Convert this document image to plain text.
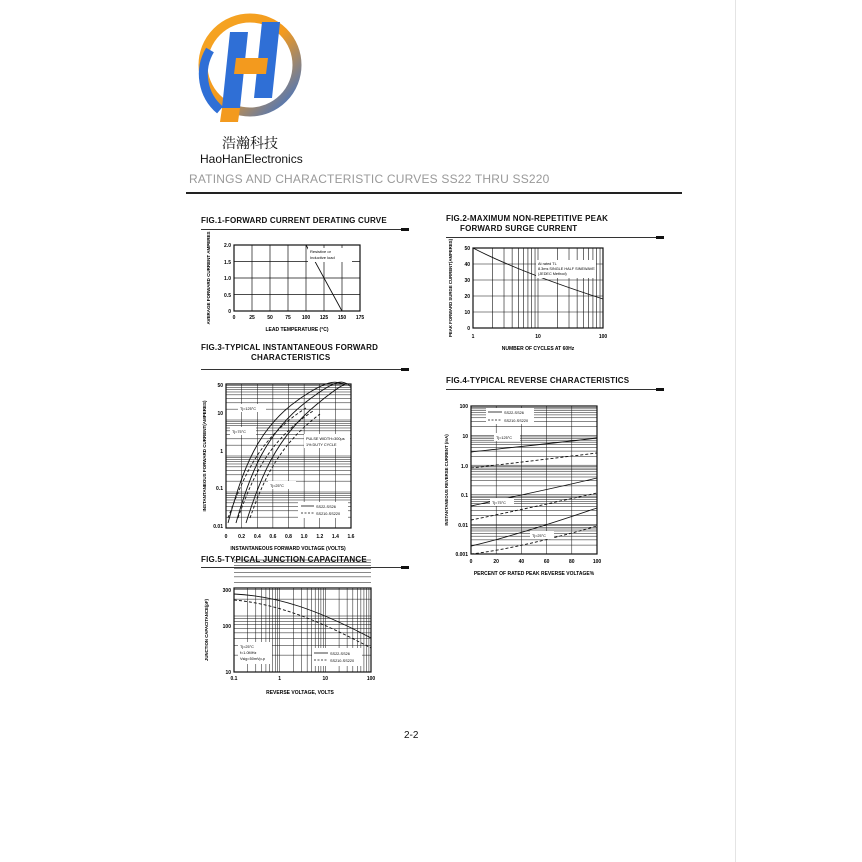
H
浩瀚科技
HaoHanElectronics
RATINGS AND CHARACTERISTIC CURVES SS22 THRU SS220
FIG.1-FORWARD CURRENT DERATING CURVE
Resistive or
Inductive load
2.0
1.5
1.0
0.5
0
0	25 50 75 100 125 150 175
LEAD TEMPERATURE (°C)
AVERAGE FORWARD CURRENT AMPERES
FIG.2-MAXIMUM NON-REPETITIVE PEAK
FORWARD SURGE CURRENT
At rated TL
8.3ms SINGLE HALF SINEWAVE
(JEDEC Method)
50
40
30
20
10
0
1	10	100
NUMBER OF CYCLES AT 60Hz
PEAK FORWARD SURGE CURRENT(AMPERES)
FIG.3-TYPICAL INSTANTANEOUS FORWARD
CHARACTERISTICS
Tj=125°C
Tj=75°C
Tj=25°C
PULSE WIDTH=300μs
1% DUTY CYCLE
SS22-SS26
SS210-SS220
50
10
1
0.1
0.01
0 0.2 0.4 0.6 0.8 1.0 1.2 1.4 1.6
INSTANTANEOUS FORWARD VOLTAGE (VOLTS)
INSTANTANEOUS FORWARD CURRENT(AMPERES)
FIG.4-TYPICAL REVERSE CHARACTERISTICS
SS22-SS26
SS210-SS220
Tj=125°C
Tj=75°C
Tj=25°C
100
10
1.0
0.1
0.01
0.001
0	20	40	60	80	100
PERCENT OF RATED PEAK REVERSE VOLTAGE%
INSTANTANEOUS REVERSE CURRENT (mA)
FIG.5-TYPICAL JUNCTION CAPACITANCE
Tj=25°C
f=1.0MHz
Vsig=50mVp-p
SS22-SS26
SS210-SS220
300
100
10
0.1	1	10	100
REVERSE VOLTAGE, VOLTS
JUNCTION CAPACITANCE(pF)
2-2
